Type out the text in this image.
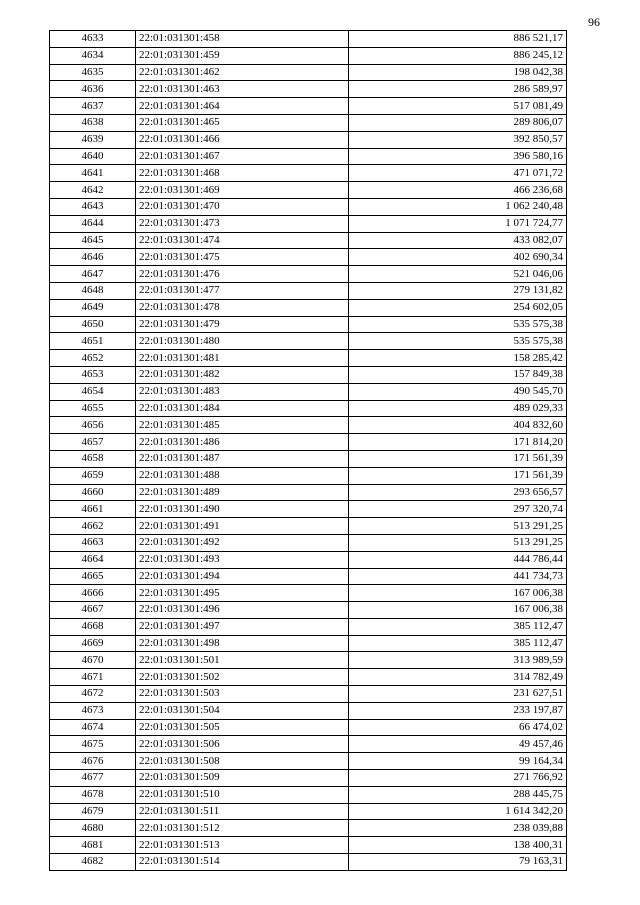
96
4633	22:01:031301:458	886 521,17
4634	22:01:031301:459	886 245,12
4635	22:01:031301:462	198 042,38
4636	22:01:031301:463	286 589,97
4637	22:01:031301:464	517 081,49
4638	22:01:031301:465	289 806,07
4639	22:01:031301:466	392 850,57
4640	22:01:031301:467	396 580,16
4641	22:01:031301:468	471 071,72
4642	22:01:031301:469	466 236,68
4643	22:01:031301:470	1 062 240,48
4644	22:01:031301:473	1 071 724,77
4645	22:01:031301:474	433 082,07
4646	22:01:031301:475	402 690,34
4647	22:01:031301:476	521 046,06
4648	22:01:031301:477	279 131,82
4649	22:01:031301:478	254 602,05
4650	22:01:031301:479	535 575,38
4651	22:01:031301:480	535 575,38
4652	22:01:031301:481	158 285,42
4653	22:01:031301:482	157 849,38
4654	22:01:031301:483	490 545,70
4655	22:01:031301:484	489 029,33
4656	22:01:031301:485	404 832,60
4657	22:01:031301:486	171 814,20
4658	22:01:031301:487	171 561,39
4659	22:01:031301:488	171 561,39
4660	22:01:031301:489	293 656,57
4661	22:01:031301:490	297 320,74
4662	22:01:031301:491	513 291,25
4663	22:01:031301:492	513 291,25
4664	22:01:031301:493	444 786,44
4665	22:01:031301:494	441 734,73
4666	22:01:031301:495	167 006,38
4667	22:01:031301:496	167 006,38
4668	22:01:031301:497	385 112,47
4669	22:01:031301:498	385 112,47
4670	22:01:031301:501	313 989,59
4671	22:01:031301:502	314 782,49
4672	22:01:031301:503	231 627,51
4673	22:01:031301:504	233 197,87
4674	22:01:031301:505	66 474,02
4675	22:01:031301:506	49 457,46
4676	22:01:031301:508	99 164,34
4677	22:01:031301:509	271 766,92
4678	22:01:031301:510	288 445,75
4679	22:01:031301:511	1 614 342,20
4680	22:01:031301:512	238 039,88
4681	22:01:031301:513	138 400,31
4682	22:01:031301:514	79 163,31
